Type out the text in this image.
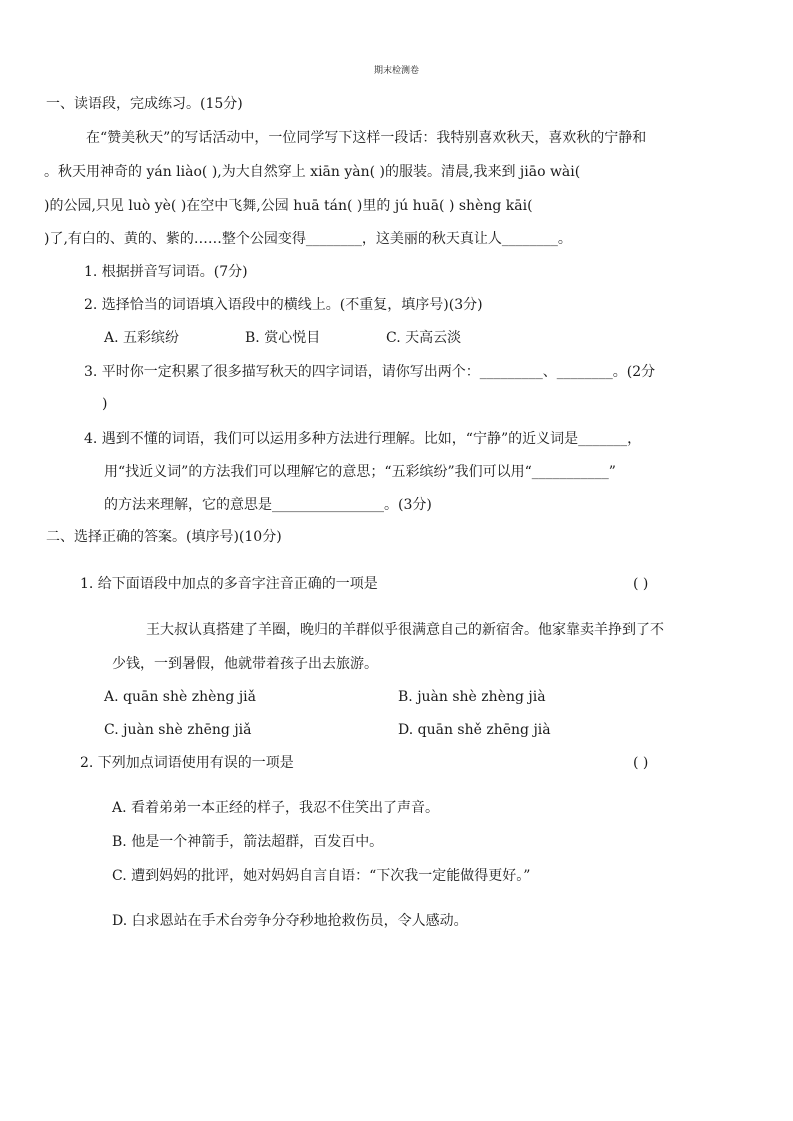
期末检测卷
一、读语段，完成练习。(15分)
在“赞美秋天”的写话活动中，一位同学写下这样一段话：我特别喜欢秋天，喜欢秋的宁静和
。秋天用神奇的 yán liào( ),为大自然穿上 xiān yàn( )的服装。清晨,我来到 jiāo wài(
)的公园,只见 luò yè( )在空中飞舞,公园 huā tán( )里的 jú huā( ) shèng kāi(
)了,有白的、黄的、紫的……整个公园变得________，这美丽的秋天真让人________。
1. 根据拼音写词语。(7分)
2. 选择恰当的词语填入语段中的横线上。(不重复，填序号)(3分)
A. 五彩缤纷	B. 赏心悦目	C. 天高云淡
3. 平时你一定积累了很多描写秋天的四字词语，请你写出两个：_________、________。(2分
)
4. 遇到不懂的词语，我们可以运用多种方法进行理解。比如，“宁静”的近义词是_______，
用“找近义词”的方法我们可以理解它的意思；“五彩缤纷”我们可以用“___________”
的方法来理解，它的意思是________________。(3分)
二、选择正确的答案。(填序号)(10分)
1. 给下面语段中加点的多音字注音正确的一项是	( )
王大叔认真搭建了羊圈，晚归的羊群似乎很满意自己的新宿舍。他家靠卖羊挣到了不
少钱，一到暑假，他就带着孩子出去旅游。
A. quān shè zhèng jiǎ	B. juàn shè zhèng jià
C. juàn shè zhēng jiǎ	D. quān shě zhēng jià
2. 下列加点词语使用有误的一项是	( )
A. 看着弟弟一本正经的样子，我忍不住笑出了声音。
B. 他是一个神箭手，箭法超群，百发百中。
C. 遭到妈妈的批评，她对妈妈自言自语：“下次我一定能做得更好。”
D. 白求恩站在手术台旁争分夺秒地抢救伤员，令人感动。
